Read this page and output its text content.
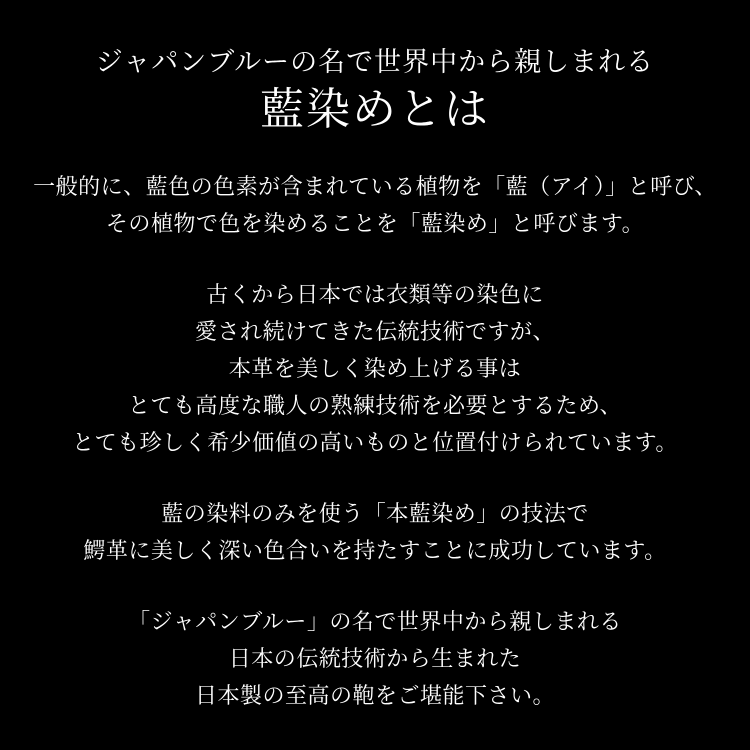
ジャパンブルーの名で世界中から親しまれる
藍染めとは
一般的に、藍色の色素が含まれている植物を「藍（アイ）」と呼び、
その植物で色を染めることを「藍染め」と呼びます。
古くから日本では衣類等の染色に
愛され続けてきた伝統技術ですが、
本革を美しく染め上げる事は
とても高度な職人の熟練技術を必要とするため、
とても珍しく希少価値の高いものと位置付けられています。
藍の染料のみを使う「本藍染め」の技法で
鰐革に美しく深い色合いを持たすことに成功しています。
「ジャパンブルー」の名で世界中から親しまれる
日本の伝統技術から生まれた
日本製の至高の鞄をご堪能下さい。
